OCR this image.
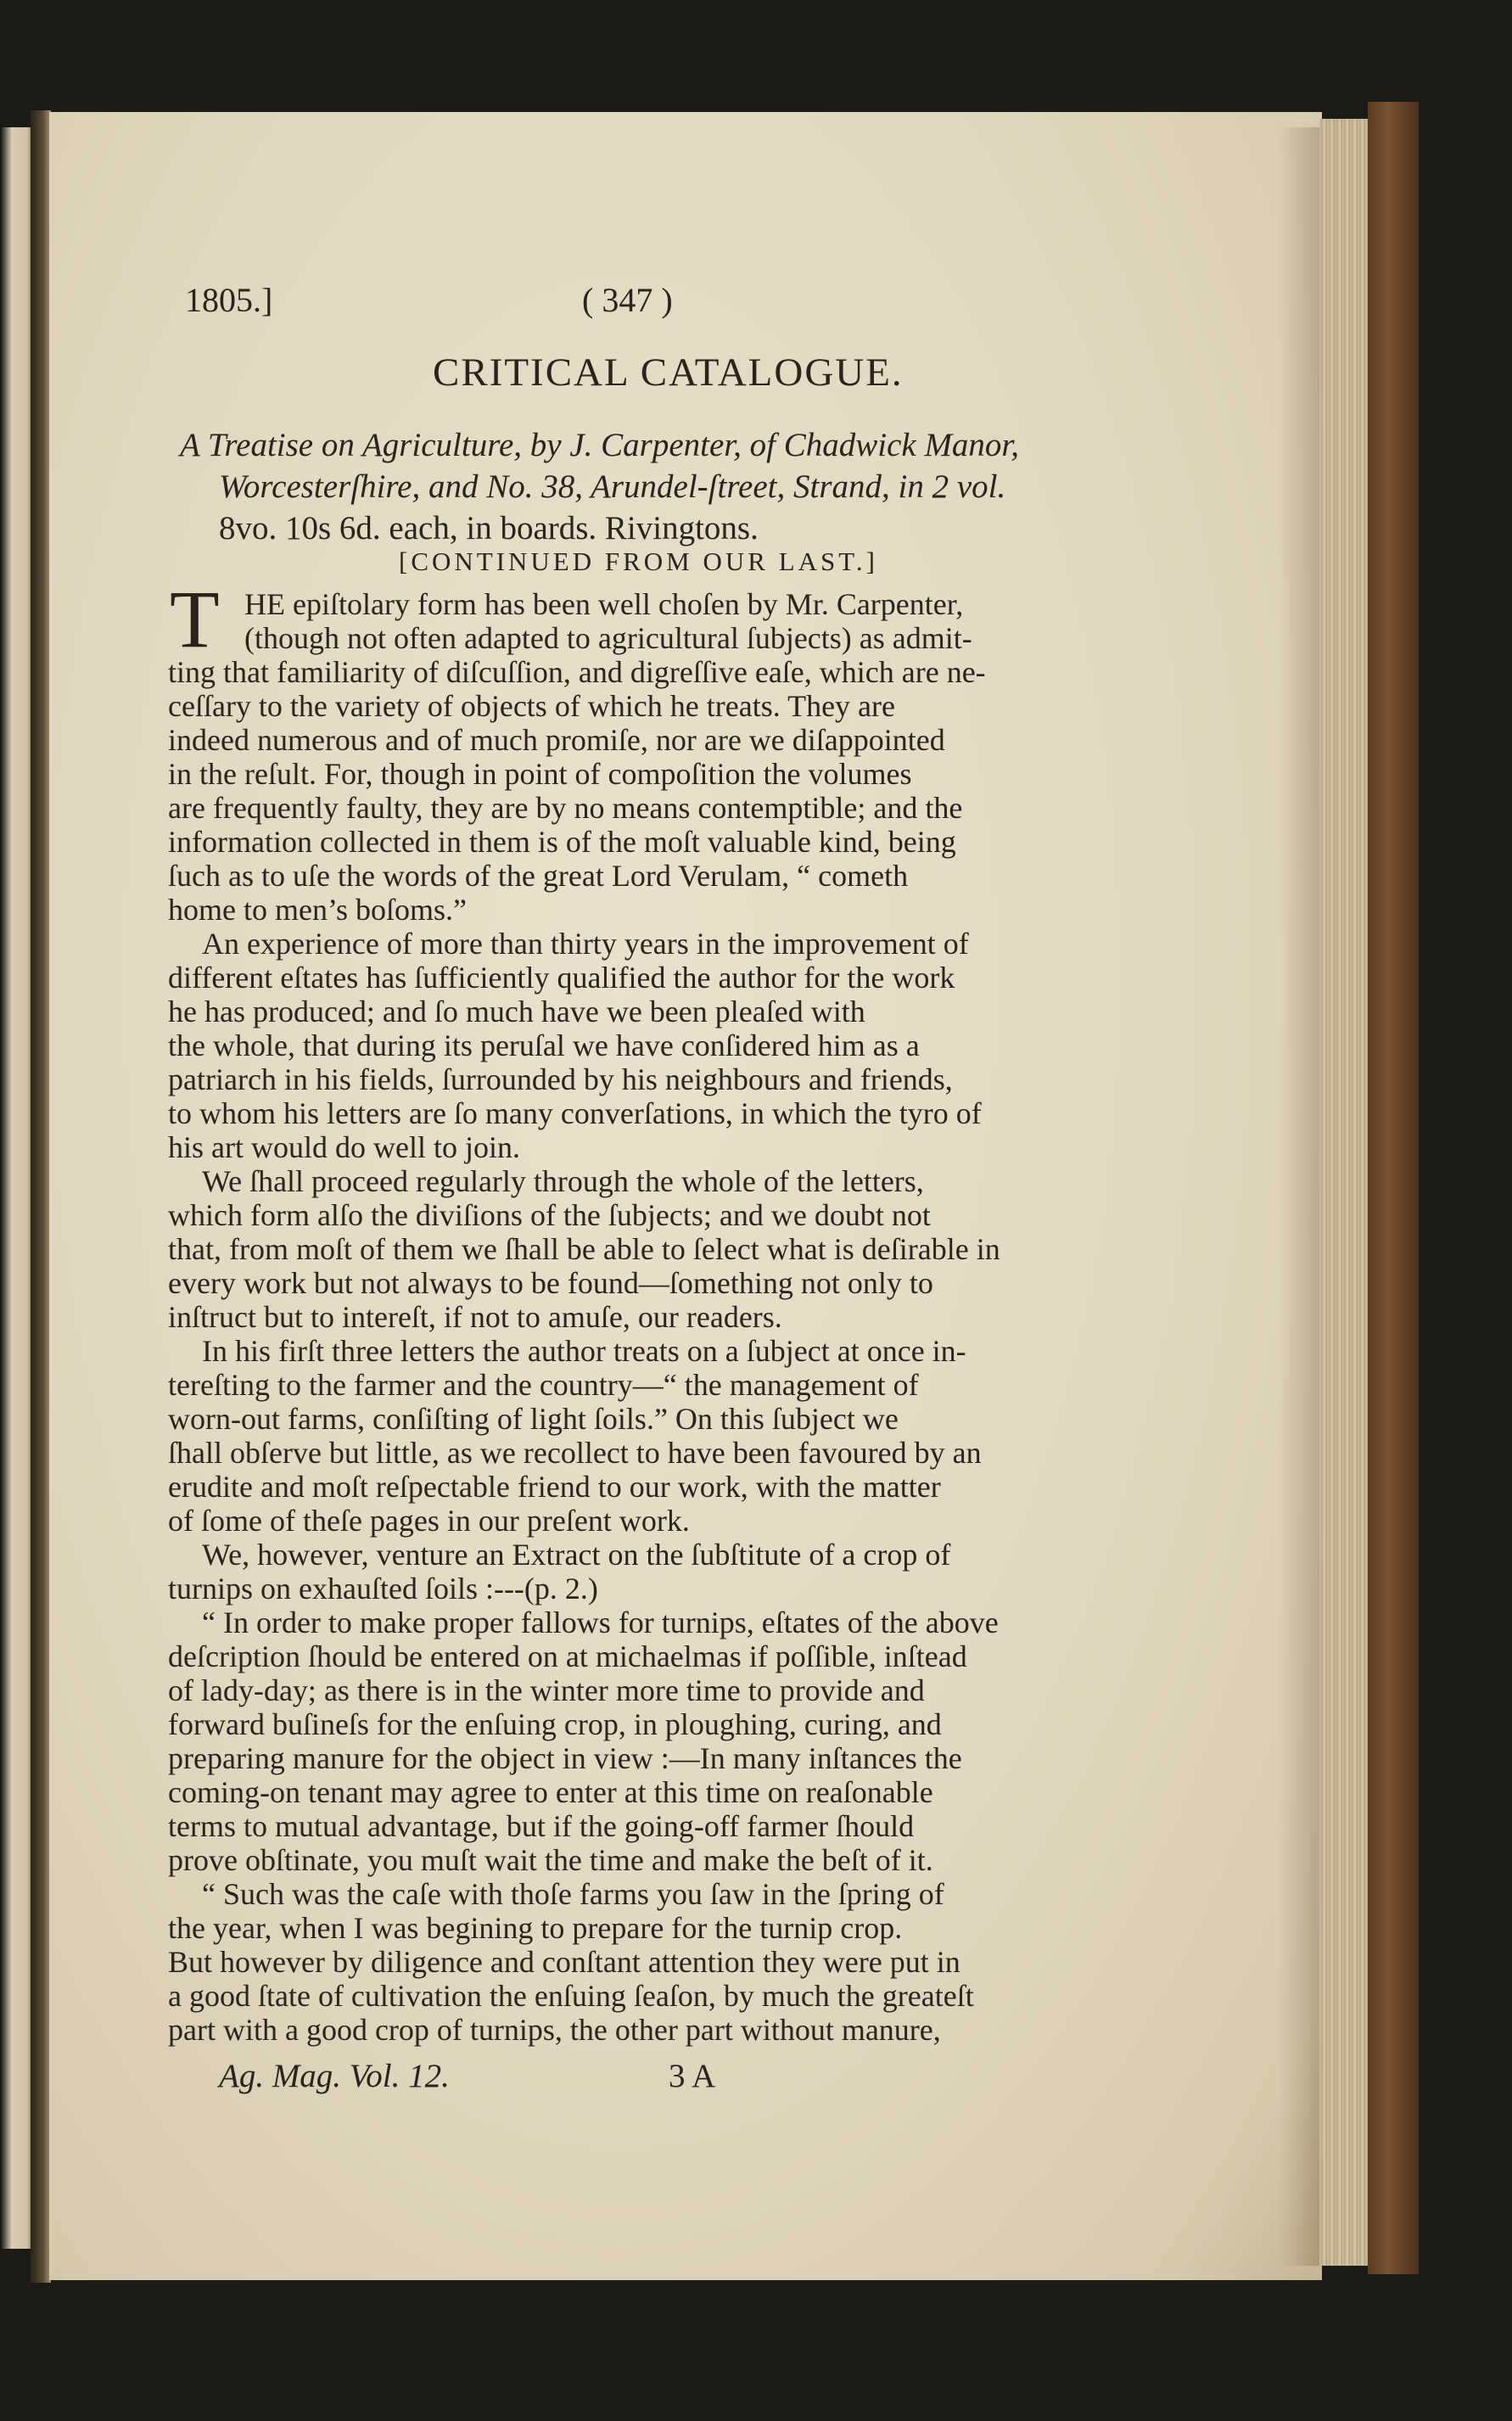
1805.]	( 347 )
CRITICAL CATALOGUE.
A Treatise on Agriculture, by J. Carpenter, of Chadwick Manor,
Worcesterſhire, and No. 38, Arundel-ſtreet, Strand, in 2 vol.
8vo. 10s 6d. each, in boards. Rivingtons.
[CONTINUED FROM OUR LAST.]
T HE epiſtolary form has been well choſen by Mr. Carpenter,
(though not often adapted to agricultural ſubjects) as admit-
ting that familiarity of diſcuſſion, and digreſſive eaſe, which are ne-
ceſſary to the variety of objects of which he treats. They are
indeed numerous and of much promiſe, nor are we diſappointed
in the reſult. For, though in point of compoſition the volumes
are frequently faulty, they are by no means contemptible; and the
information collected in them is of the moſt valuable kind, being
ſuch as to uſe the words of the great Lord Verulam, “ cometh
home to men’s boſoms.”
An experience of more than thirty years in the improvement of
different eſtates has ſufficiently qualified the author for the work
he has produced; and ſo much have we been pleaſed with
the whole, that during its peruſal we have conſidered him as a
patriarch in his fields, ſurrounded by his neighbours and friends,
to whom his letters are ſo many converſations, in which the tyro of
his art would do well to join.
We ſhall proceed regularly through the whole of the letters,
which form alſo the diviſions of the ſubjects; and we doubt not
that, from moſt of them we ſhall be able to ſelect what is deſirable in
every work but not always to be found—ſomething not only to
inſtruct but to intereſt, if not to amuſe, our readers.
In his firſt three letters the author treats on a ſubject at once in-
tereſting to the farmer and the country—“ the management of
worn-out farms, conſiſting of light ſoils.” On this ſubject we
ſhall obſerve but little, as we recollect to have been favoured by an
erudite and moſt reſpectable friend to our work, with the matter
of ſome of theſe pages in our preſent work.
We, however, venture an Extract on the ſubſtitute of a crop of
turnips on exhauſted ſoils :---(p. 2.)
“ In order to make proper fallows for turnips, eſtates of the above
deſcription ſhould be entered on at michaelmas if poſſible, inſtead
of lady-day; as there is in the winter more time to provide and
forward buſineſs for the enſuing crop, in ploughing, curing, and
preparing manure for the object in view :—In many inſtances the
coming-on tenant may agree to enter at this time on reaſonable
terms to mutual advantage, but if the going-off farmer ſhould
prove obſtinate, you muſt wait the time and make the beſt of it.
“ Such was the caſe with thoſe farms you ſaw in the ſpring of
the year, when I was begining to prepare for the turnip crop.
But however by diligence and conſtant attention they were put in
a good ſtate of cultivation the enſuing ſeaſon, by much the greateſt
part with a good crop of turnips, the other part without manure,
Ag. Mag. Vol. 12.	3 A
